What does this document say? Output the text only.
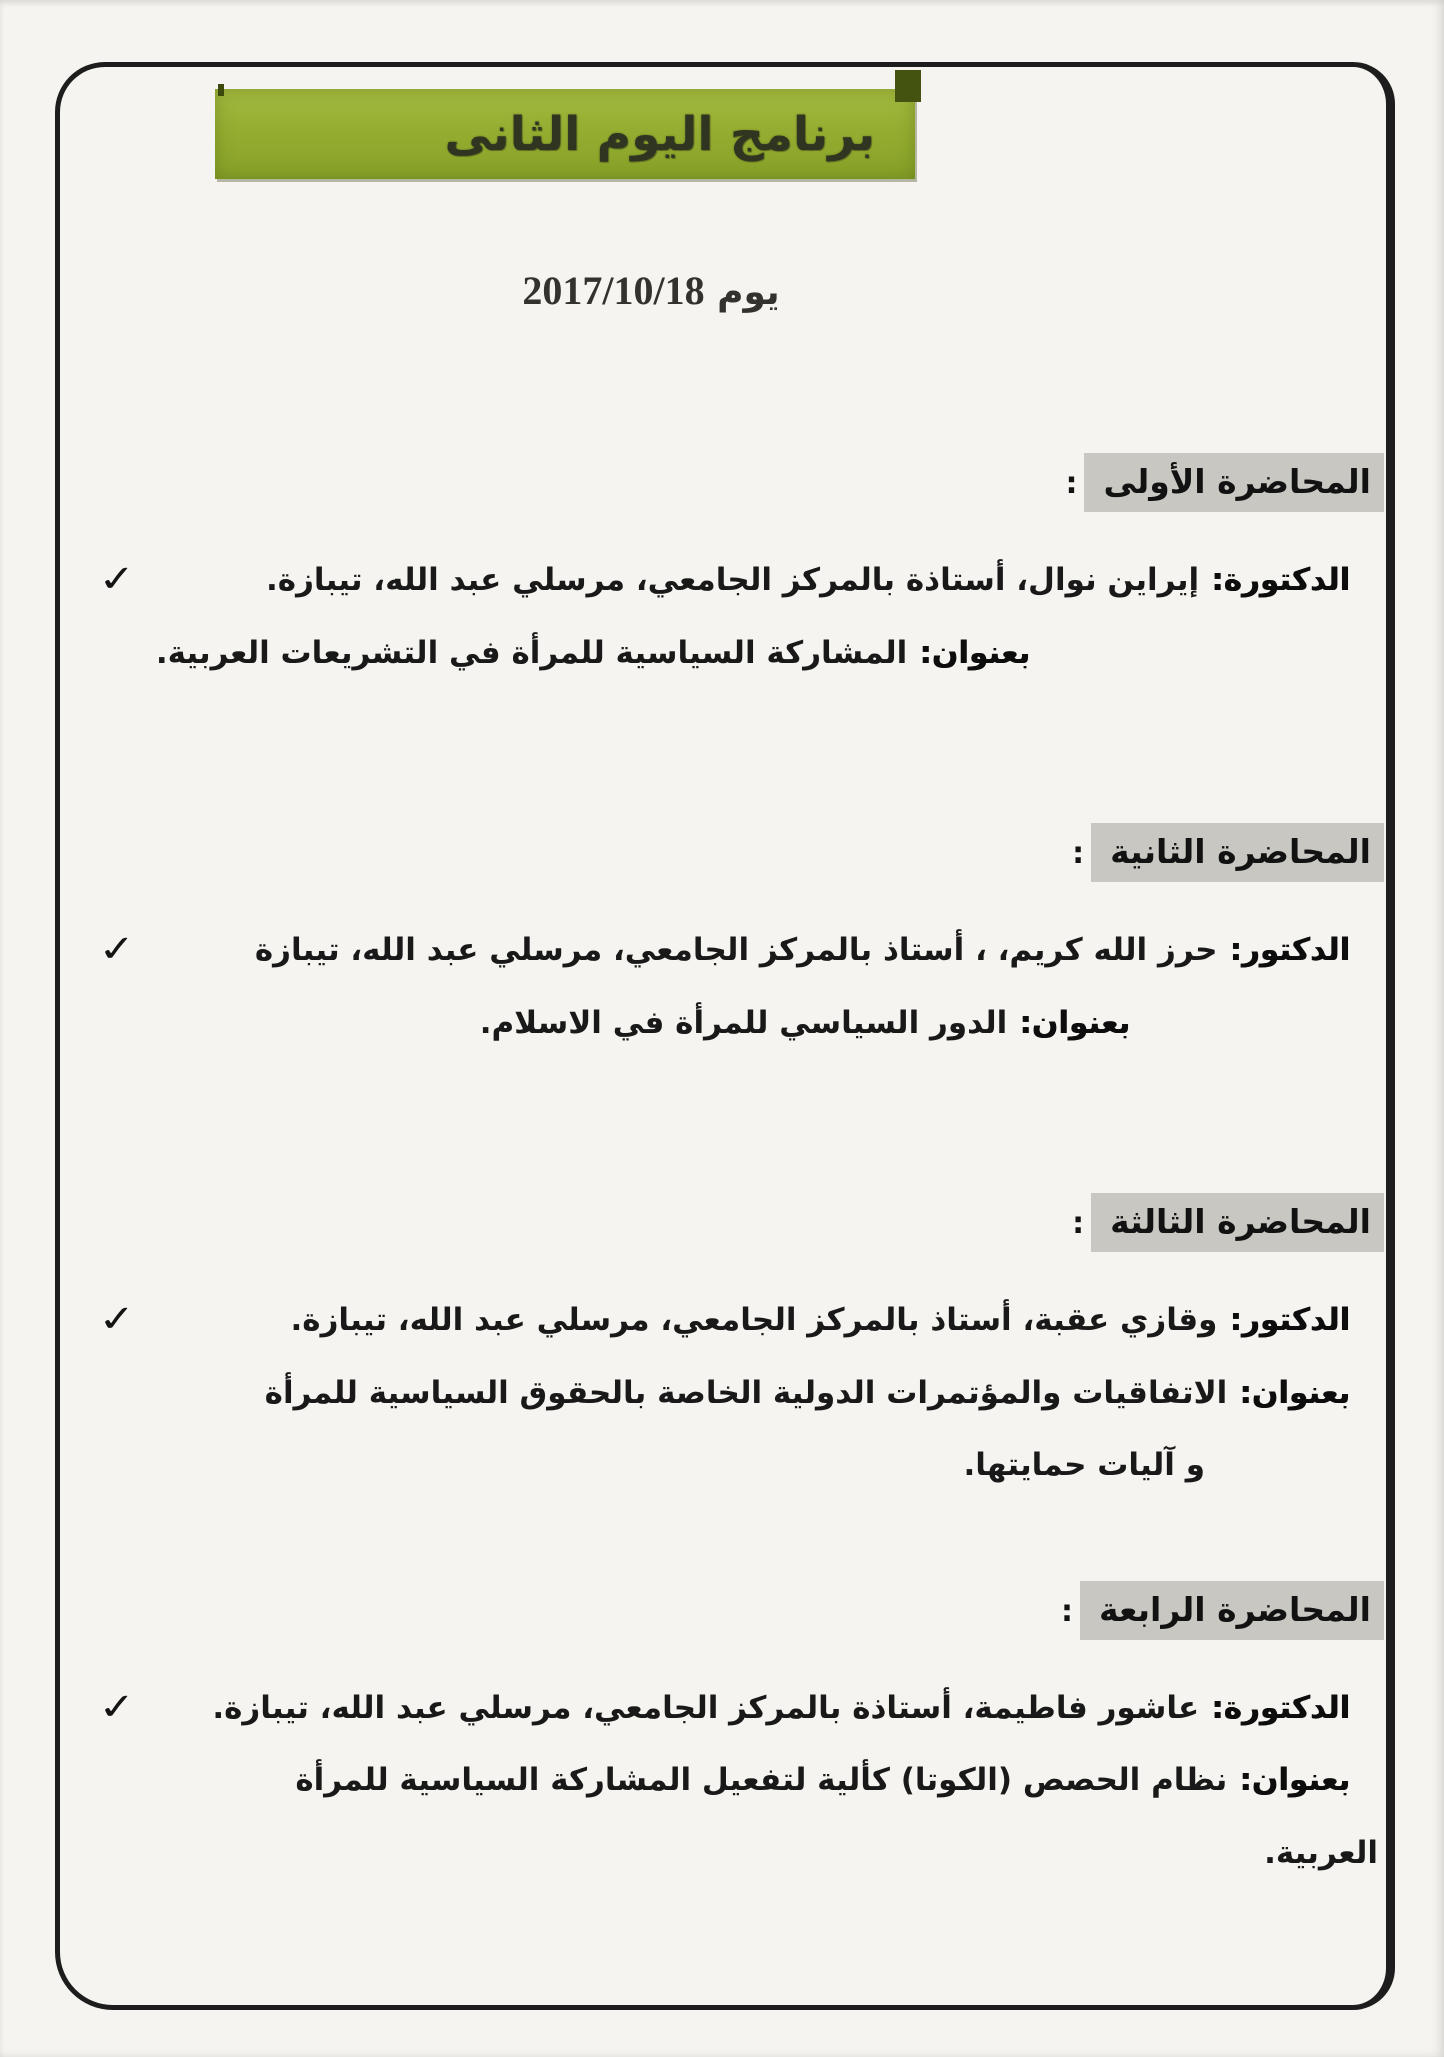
برنامج اليوم الثانى
يوم 2017/10/18
المحاضرة الأولى:
✓	الدكتورة:إيراين نوال، أستاذة بالمركز الجامعي، مرسلي عبد الله، تيبازة.
بعنوان:المشاركة السياسية للمرأة في التشريعات العربية.
المحاضرة الثانية:
✓	الدكتور:حرز الله كريم، ، أستاذ بالمركز الجامعي، مرسلي عبد الله، تيبازة
بعنوان:الدور السياسي للمرأة في الاسلام.
المحاضرة الثالثة:
✓	الدكتور:وقازي عقبة، أستاذ بالمركز الجامعي، مرسلي عبد الله، تيبازة.
بعنوان:الاتفاقيات والمؤتمرات الدولية الخاصة بالحقوق السياسية للمرأة
و آليات حمايتها.
المحاضرة الرابعة:
✓	الدكتورة:عاشور فاطيمة، أستاذة بالمركز الجامعي، مرسلي عبد الله، تيبازة.
بعنوان:نظام الحصص (الكوتا) كألية لتفعيل المشاركة السياسية للمرأة
العربية.
